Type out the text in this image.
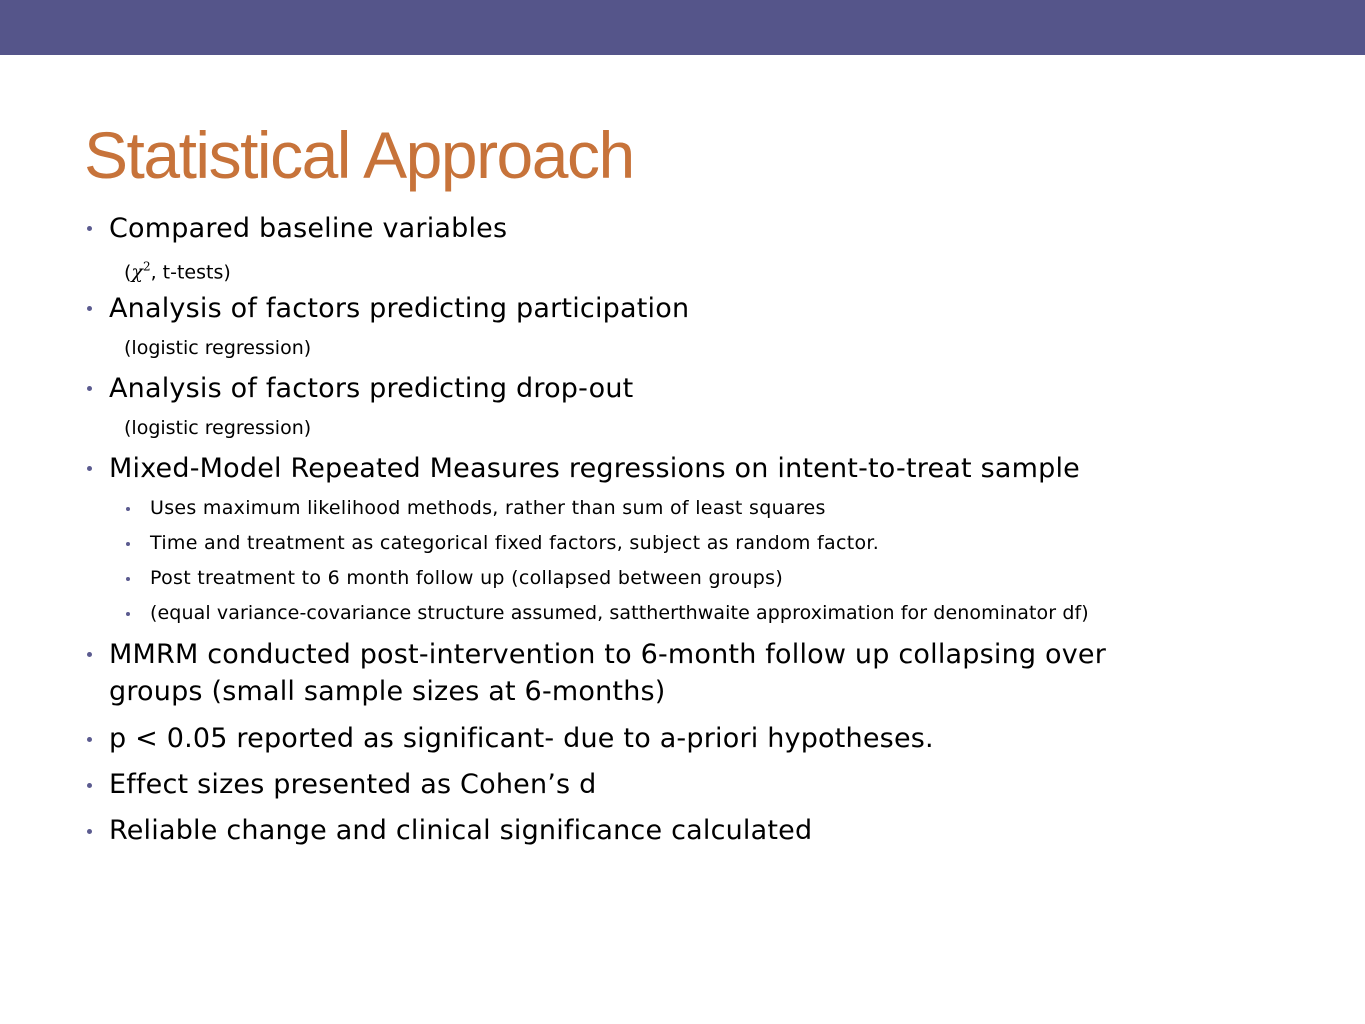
Statistical Approach
Compared baseline variables
($\chi^2$, t-tests)
Analysis of factors predicting participation
(logistic regression)
Analysis of factors predicting drop-out
(logistic regression)
Mixed-Model Repeated Measures regressions on intent-to-treat sample
Uses maximum likelihood methods, rather than sum of least squares
Time and treatment as categorical fixed factors, subject as random factor.
Post treatment to 6 month follow up (collapsed between groups)
(equal variance-covariance structure assumed, sattherthwaite approximation for denominator df)
MMRM conducted post-intervention to 6-month follow up collapsing over
groups (small sample sizes at 6-months)
p < 0.05 reported as significant- due to a-priori hypotheses.
Effect sizes presented as Cohen’s d
Reliable change and clinical significance calculated
